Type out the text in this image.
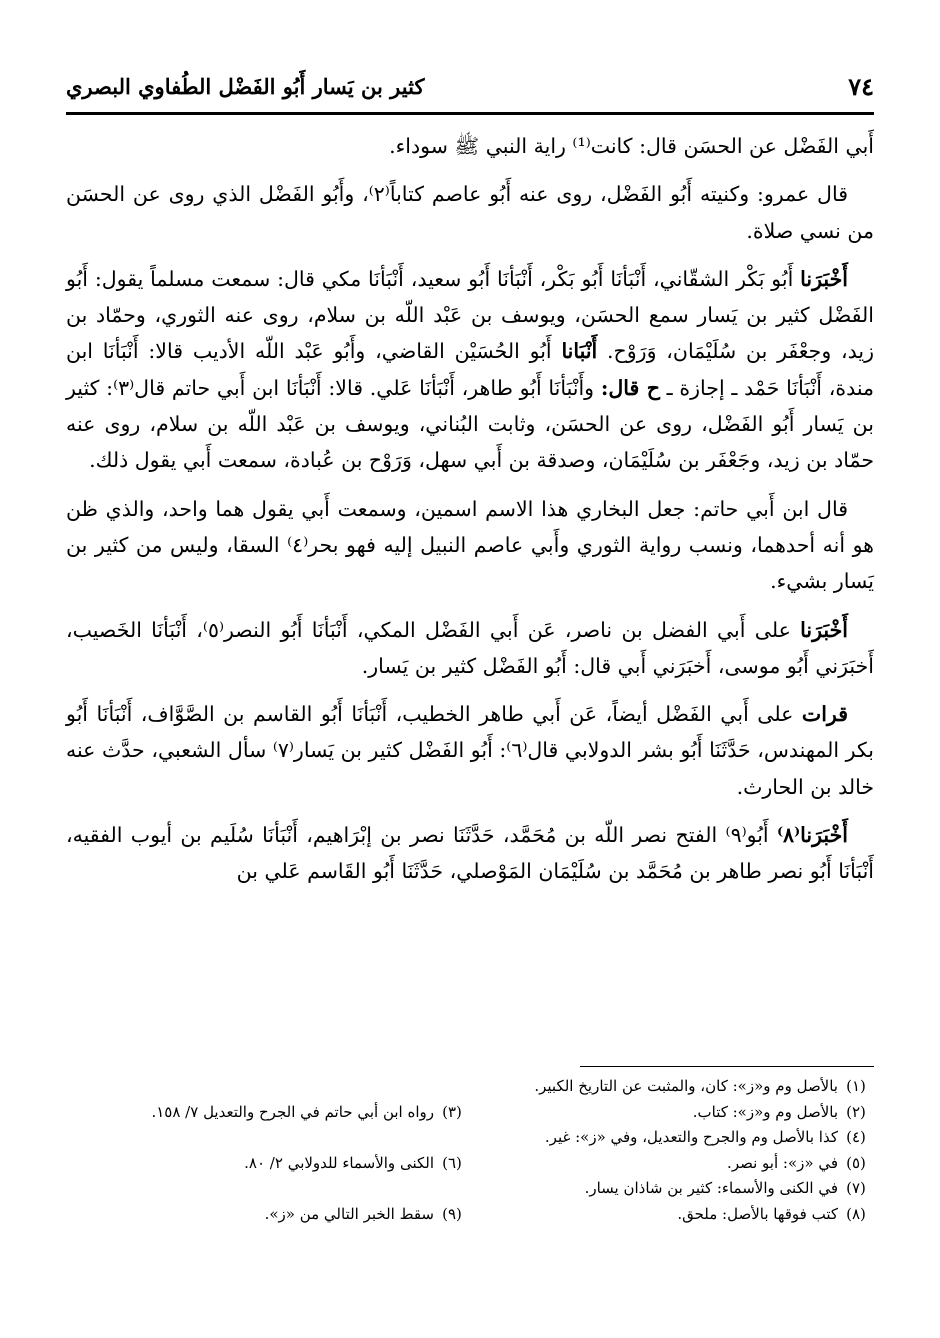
٧٤
كثير بن يَسار أَبُو الفَضْل الطُفاوي البصري

أَبي الفَضْل عن الحسَن قال: كانت⁽¹⁾ راية النبي ﷺ سوداء.

قال عمرو: وكنيته أَبُو الفَضْل، روى عنه أَبُو عاصم كتاباً⁽٢⁾، وأَبُو الفَضْل الذي روى عن الحسَن من نسي صلاة.

أَخْبَرَنا أَبُو بَكْر الشقّاني، أَنْبَأنَا أَبُو بَكْر، أَنْبَأنَا أَبُو سعيد، أَنْبَأنَا مكي قال: سمعت مسلماً يقول: أَبُو الفَضْل كثير بن يَسار سمع الحسَن، ويوسف بن عَبْد اللّه بن سلام، روى عنه الثوري، وحمّاد بن زيد، وجعْفَر بن سُلَيْمَان، وَرَوْح. أَنْبَانا أَبُو الحُسَيْن القاضي، وأَبُو عَبْد اللّه الأديب قالا: أَنْبَأنَا ابن مندة، أَنْبَأنَا حَمْد ـ إجازة ـ ح قال: وأَنْبَأنَا أَبُو طاهر، أَنْبَأنَا عَلي. قالا: أَنْبَأنَا ابن أَبي حاتم قال⁽٣⁾: كثير بن يَسار أَبُو الفَضْل، روى عن الحسَن، وثابت البُناني، ويوسف بن عَبْد اللّه بن سلام، روى عنه حمّاد بن زيد، وجَعْفَر بن سُلَيْمَان، وصدقة بن أَبي سهل، وَرَوْح بن عُبادة، سمعت أَبي يقول ذلك.

قال ابن أَبي حاتم: جعل البخاري هذا الاسم اسمين، وسمعت أَبي يقول هما واحد، والذي ظن هو أنه أحدهما، ونسب رواية الثوري وأَبي عاصم النبيل إليه فهو بحر⁽٤⁾ السقا، وليس من كثير بن يَسار بشيء.

أَخْبَرَنا على أَبي الفضل بن ناصر، عَن أَبي الفَضْل المكي، أَنْبَأنَا أَبُو النصر⁽٥⁾، أَنْبَأنَا الخَصيب، أَخبَرَني أَبُو موسى، أَخبَرَني أَبي قال: أَبُو الفَضْل كثير بن يَسار.

قرات على أَبي الفَضْل أيضاً، عَن أَبي طاهر الخطيب، أَنْبَأنَا أَبُو القاسم بن الصَّوَّاف، أَنْبَأنَا أَبُو بكر المهندس، حَدَّثَنَا أَبُو بشر الدولابي قال⁽٦⁾: أَبُو الفَضْل كثير بن يَسار⁽٧⁾ سأل الشعبي، حدَّث عنه خالد بن الحارث.

أَخْبَرَنا⁽٨⁾ أَبُو⁽٩⁾ الفتح نصر اللّه بن مُحَمَّد، حَدَّثَنَا نصر بن إبْرَاهيم، أَنْبَأنَا سُلَيم بن أيوب الفقيه، أَنْبَأنَا أَبُو نصر طاهر بن مُحَمَّد بن سُلَيْمَان المَوْصلي، حَدَّثَنَا أَبُو القَاسم عَلي بن

(١)بالأصل وم و«ز»: كان، والمثبت عن التاريخ الكبير.
(٢)بالأصل وم و«ز»: كتاب.
(٣)رواه ابن أبي حاتم في الجرح والتعديل ٧/ ١٥٨.
(٤)كذا بالأصل وم والجرح والتعديل، وفي «ز»: غير.
(٥)في «ز»: أبو نصر.
(٦)الكنى والأسماء للدولابي ٢/ ٨٠.
(٧)في الكنى والأسماء: كثير بن شاذان يسار.
(٨)كتب فوقها بالأصل: ملحق.
(٩)سقط الخبر التالي من «ز».
